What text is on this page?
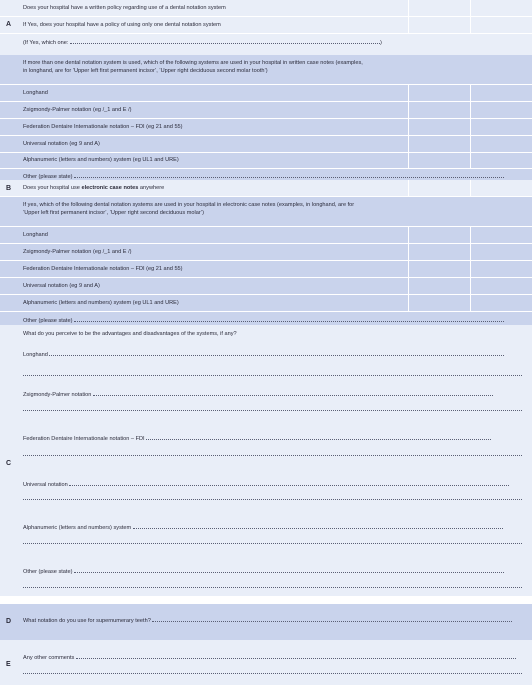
Does your hospital have a written policy regarding use of a dental notation system
If Yes, does your hospital have a policy of using only one dental notation system
A
(If Yes, which one:	)
If more than one dental notation system is used, which of the following systems are used in your hospital in written case notes (examples, in longhand, are for ‘Upper left first permanent incisor’, ‘Upper right deciduous second molar tooth’)
Longhand
Zsigmondy-Palmer notation (eg /_1 and E /)
Federation Dentaire Internationale notation – FDI (eg 21 and 55)
Universal notation (eg 9 and A)
Alphanumeric (letters and numbers) system (eg UL1 and URE)
Other (please state)
B Does your hospital use electronic case notes anywhere
If yes, which of the following dental notation systems are used in your hospital in electronic case notes (examples, in longhand, are for ‘Upper left first permanent incisor’, ‘Upper right second deciduous molar’)
Longhand
Zsigmondy-Palmer notation (eg /_1 and E /)
Federation Dentaire Internationale notation – FDI (eg 21 and 55)
Universal notation (eg 9 and A)
Alphanumeric (letters and numbers) system (eg UL1 and URE)
Other (please state)
C
What do you perceive to be the advantages and disadvantages of the systems, if any?
Longhand
Zsigmondy-Palmer notation
Federation Dentaire Internationale notation – FDI
Universal notation
Alphanumeric (letters and numbers) system
Other (please state)
D What notation do you use for supernumerary teeth?
E
Any other comments
